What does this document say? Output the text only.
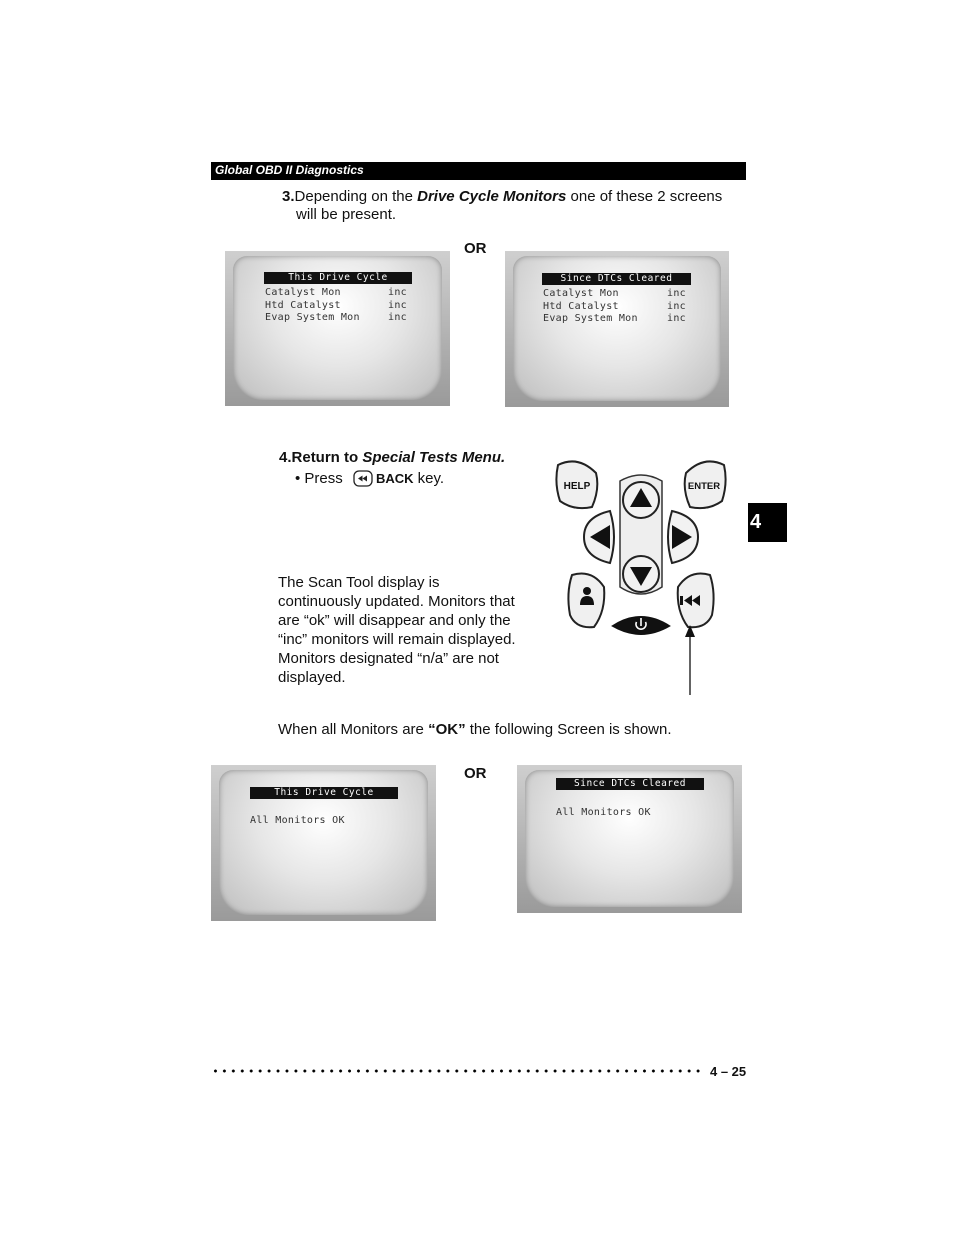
Global OBD II Diagnostics
3.Depending on the Drive Cycle Monitors one of these 2 screens
will be present.
OR
This Drive Cycle
Catalyst Mon	inc
Htd Catalyst	inc
Evap System Mon	inc
Since DTCs Cleared
Catalyst Mon	inc
Htd Catalyst	inc
Evap System Mon	inc
4.Return to Special Tests Menu.
• Press BACK key.	HELP	ENTER
4
The Scan Tool display is
continuously updated. Monitors that
are “ok” will disappear and only the
“inc” monitors will remain displayed.
Monitors designated “n/a” are not
displayed.
When all Monitors are “OK” the following Screen is shown.
OR
This Drive Cycle
All Monitors OK
Since DTCs Cleared
All Monitors OK
4 – 25
